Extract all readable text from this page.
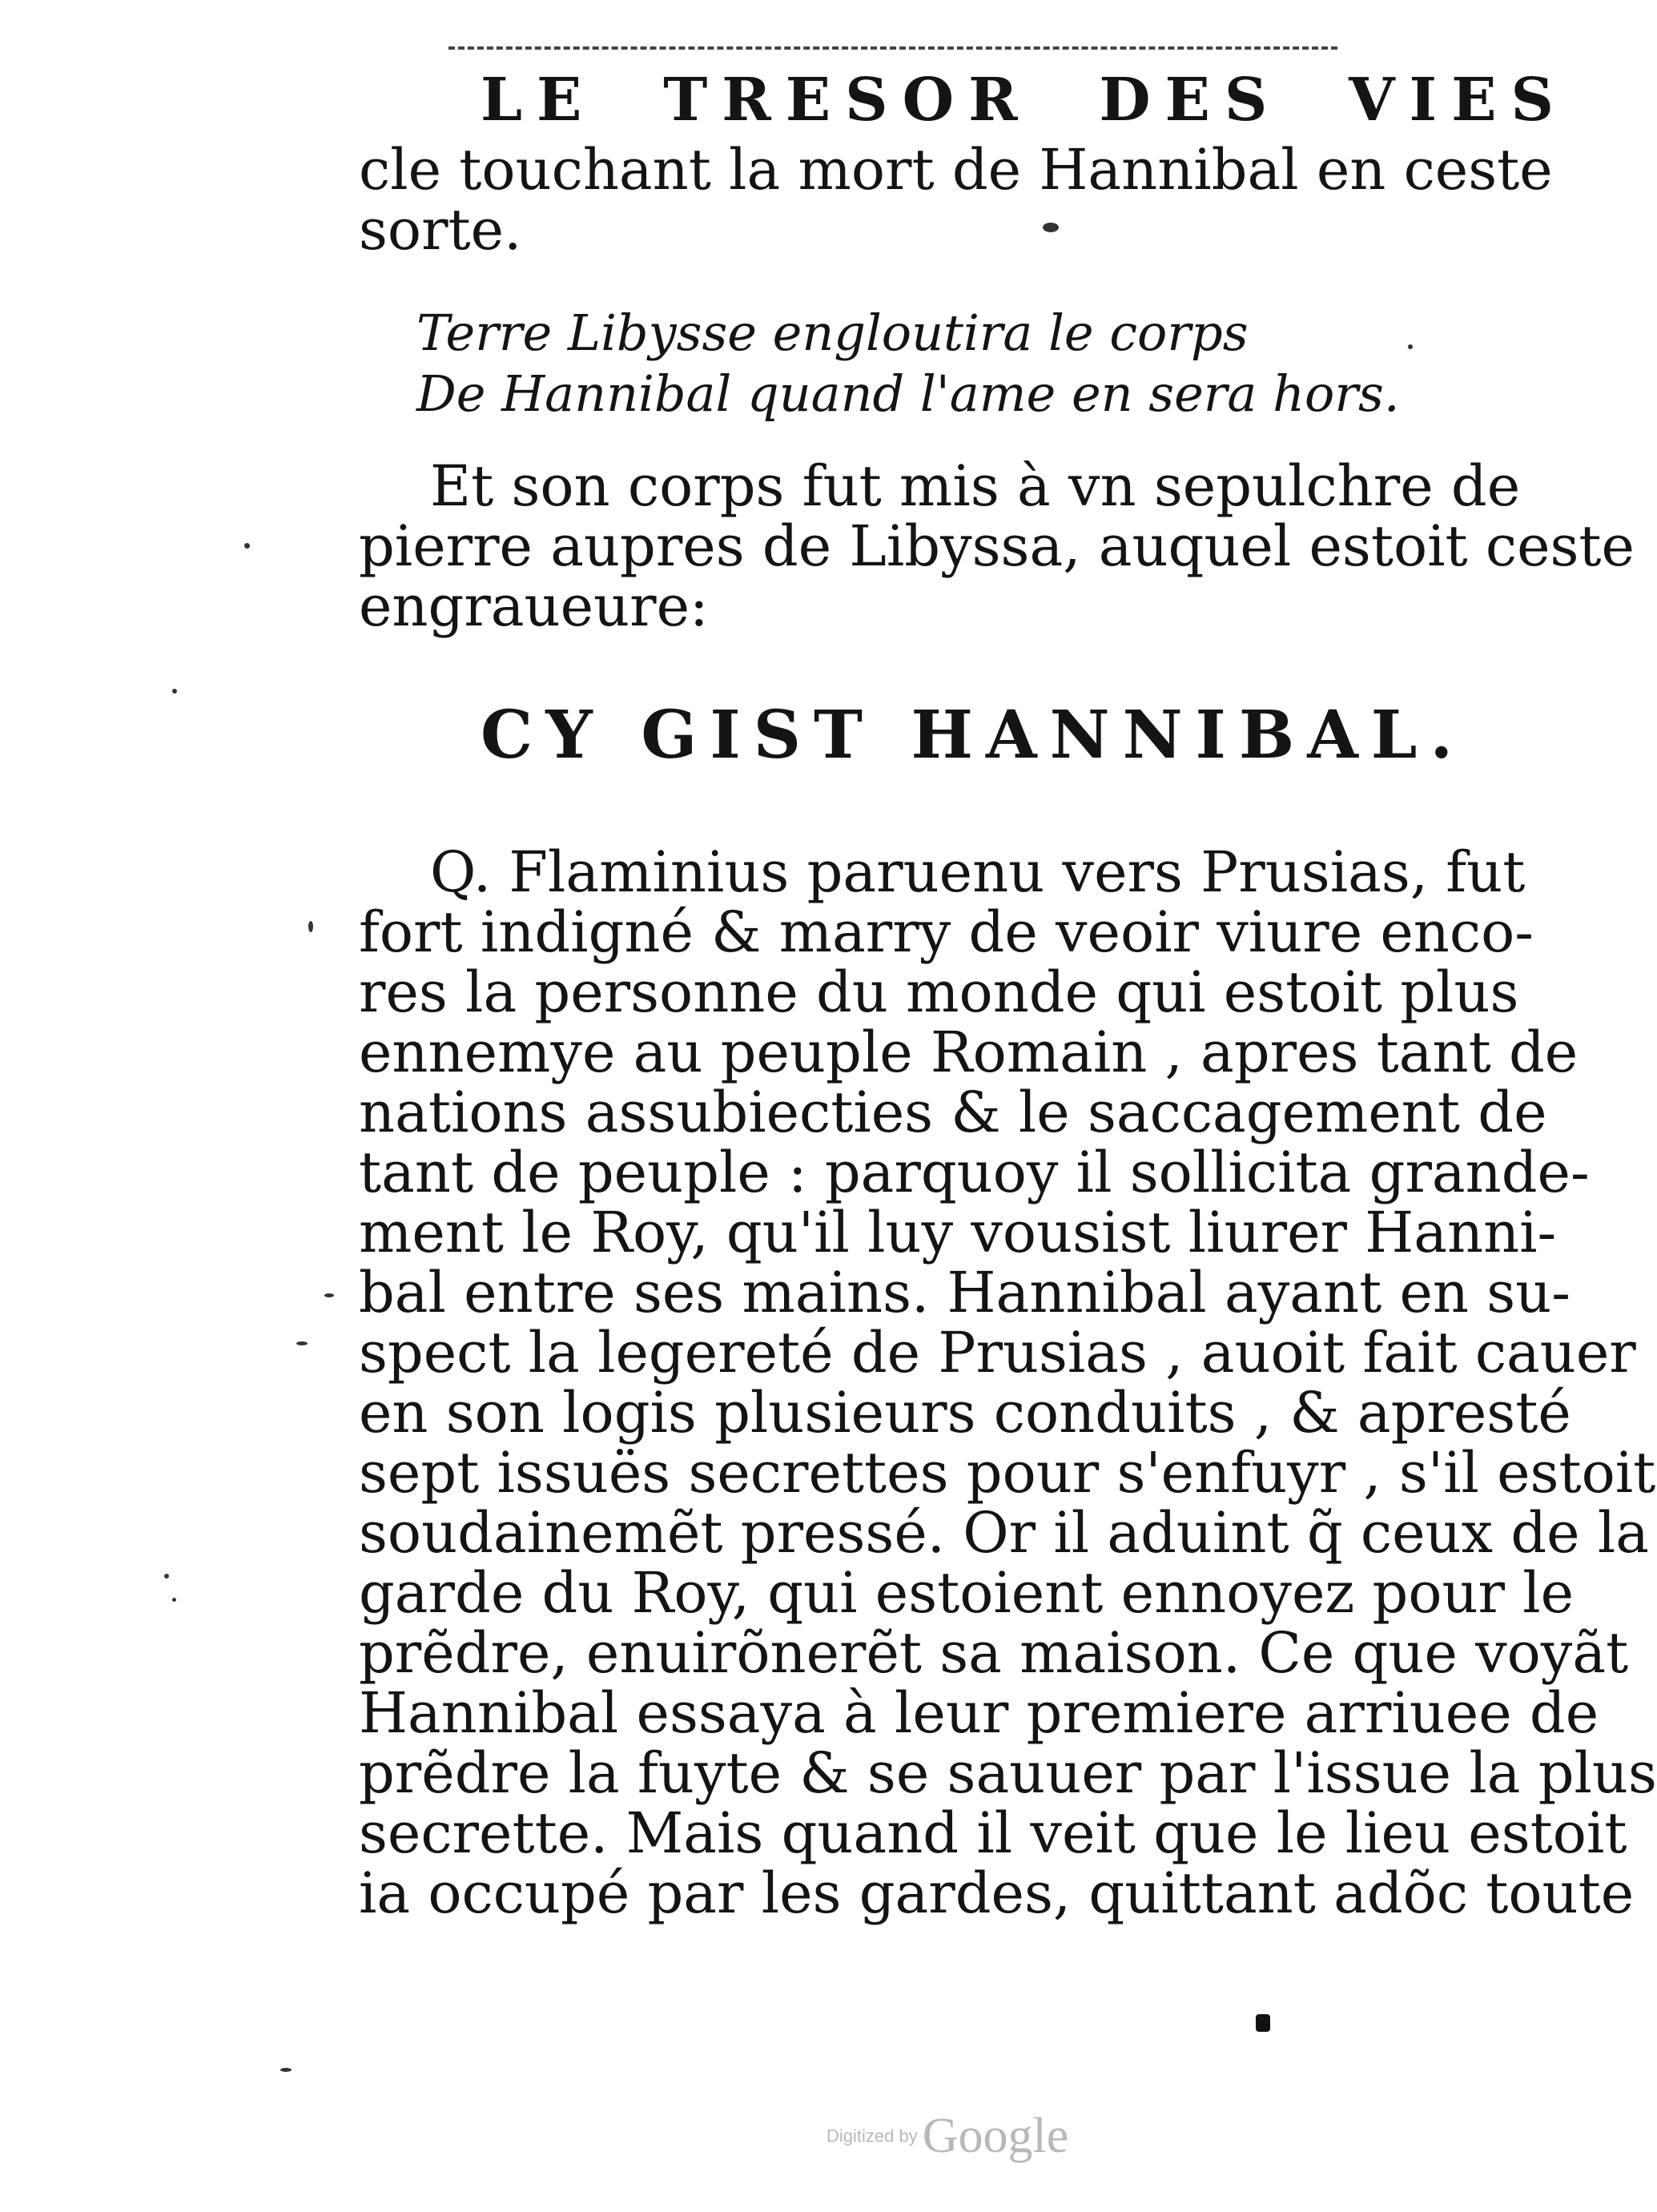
LE TRESOR DES VIES
cle touchant la mort de Hannibal en ceste
sorte.
Terre Libysse engloutira le corps
De Hannibal quand l'ame en sera hors.
Et son corps fut mis à vn sepulchre de
pierre aupres de Libyssa, auquel estoit ceste
engraueure:
CY GIST HANNIBAL.
Q. Flaminius paruenu vers Prusias, fut
fort indigné & marry de veoir viure enco-
res la personne du monde qui estoit plus
ennemye au peuple Romain , apres tant de
nations assubiecties & le saccagement de
tant de peuple : parquoy il sollicita grande-
ment le Roy, qu'il luy vousist liurer Hanni-
bal entre ses mains. Hannibal ayant en su-
spect la legereté de Prusias , auoit fait cauer
en son logis plusieurs conduits , & apresté
sept issuës secrettes pour s'enfuyr , s'il estoit
soudainemẽt pressé. Or il aduint q̃ ceux de la
garde du Roy, qui estoient ennoyez pour le
prẽdre, enuirõnerẽt sa maison. Ce que voyãt
Hannibal essaya à leur premiere arriuee de
prẽdre la fuyte & se sauuer par l'issue la plus
secrette. Mais quand il veit que le lieu estoit
ia occupé par les gardes, quittant adõc toute
Digitized byGoogle
